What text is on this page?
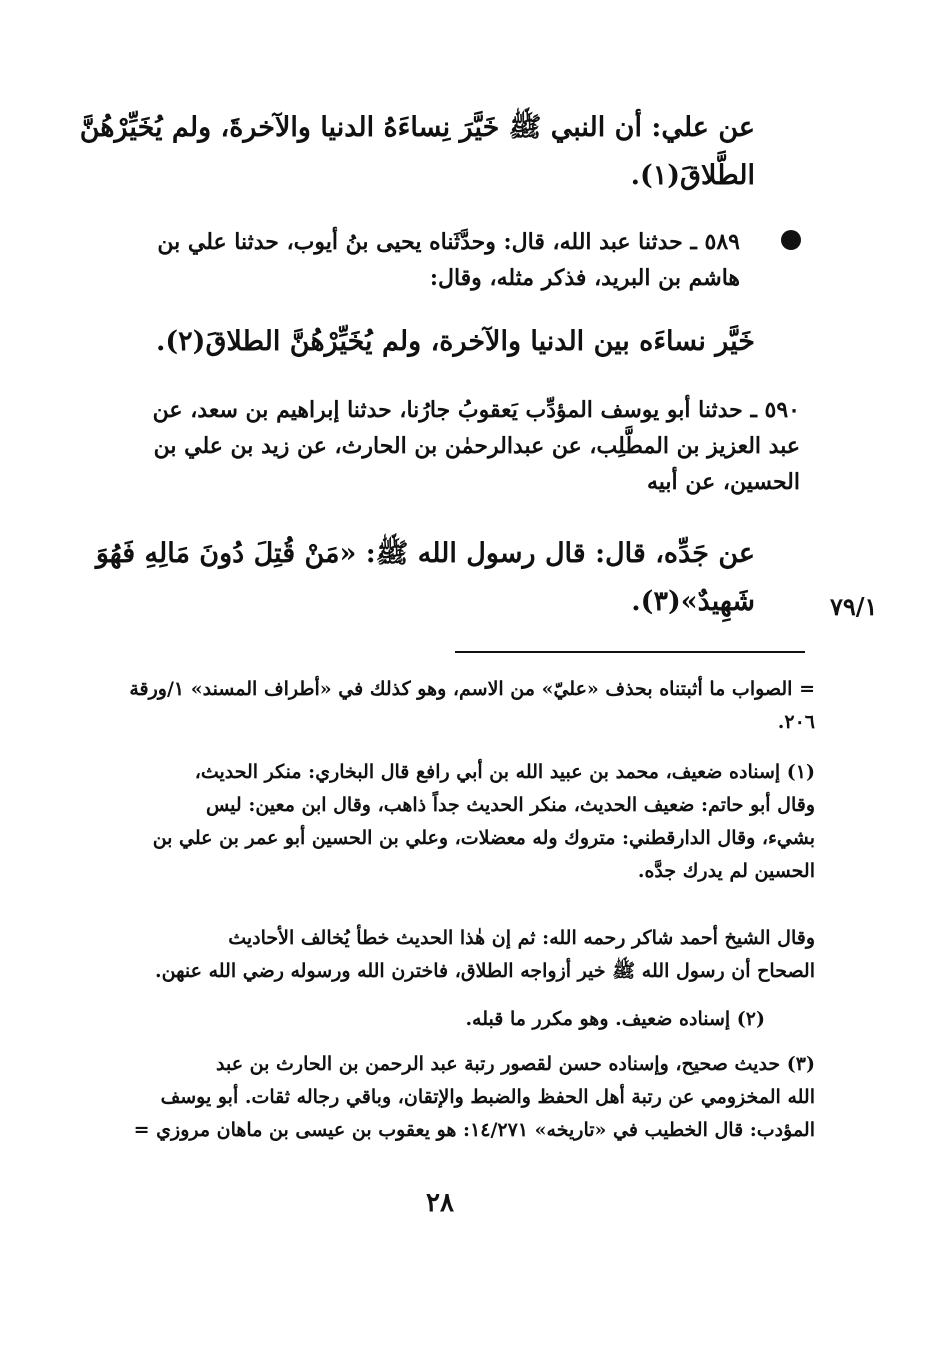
عن علي: أن النبي ﷺ خَيَّرَ نِساءَهُ الدنيا والآخرةَ، ولم يُخَيِّرْهُنَّ
الطَّلاقَ(١).
٥٨٩ ـ حدثنا عبد الله، قال: وحدَّثَناه يحيى بنُ أيوب، حدثنا علي بن
هاشم بن البريد، فذكر مثله، وقال:
خَيَّر نساءَه بين الدنيا والآخرة، ولم يُخَيِّرْهُنَّ الطلاقَ(٢).
٥٩٠ ـ حدثنا أبو يوسف المؤدِّب يَعقوبُ جارُنا، حدثنا إبراهيم بن سعد، عن
عبد العزيز بن المطَّلِب، عن عبدالرحمٰن بن الحارث، عن زيد بن علي بن
الحسين، عن أبيه
عن جَدِّه، قال: قال رسول الله ﷺ: «مَنْ قُتِلَ دُونَ مَالِهِ فَهُوَ
شَهِيدٌ»(٣).	٧٩/١
= الصواب ما أثبتناه بحذف «عليّ» من الاسم، وهو كذلك في «أطراف المسند» ١/ورقة
٢٠٦.
(١) إسناده ضعيف، محمد بن عبيد الله بن أبي رافع قال البخاري: منكر الحديث،
وقال أبو حاتم: ضعيف الحديث، منكر الحديث جداً ذاهب، وقال ابن معين: ليس
بشيء، وقال الدارقطني: متروك وله معضلات، وعلي بن الحسين أبو عمر بن علي بن
الحسين لم يدرك جدَّه.
وقال الشيخ أحمد شاكر رحمه الله: ثم إن هٰذا الحديث خطأ يُخالف الأحاديث
الصحاح أن رسول الله ﷺ خير أزواجه الطلاق، فاخترن الله ورسوله رضي الله عنهن.
(٢) إسناده ضعيف. وهو مكرر ما قبله.
(٣) حديث صحيح، وإسناده حسن لقصور رتبة عبد الرحمن بن الحارث بن عبد
الله المخزومي عن رتبة أهل الحفظ والضبط والإتقان، وباقي رجاله ثقات. أبو يوسف
المؤدب: قال الخطيب في «تاريخه» ١٤/٢٧١: هو يعقوب بن عيسى بن ماهان مروزي =
٢٨
